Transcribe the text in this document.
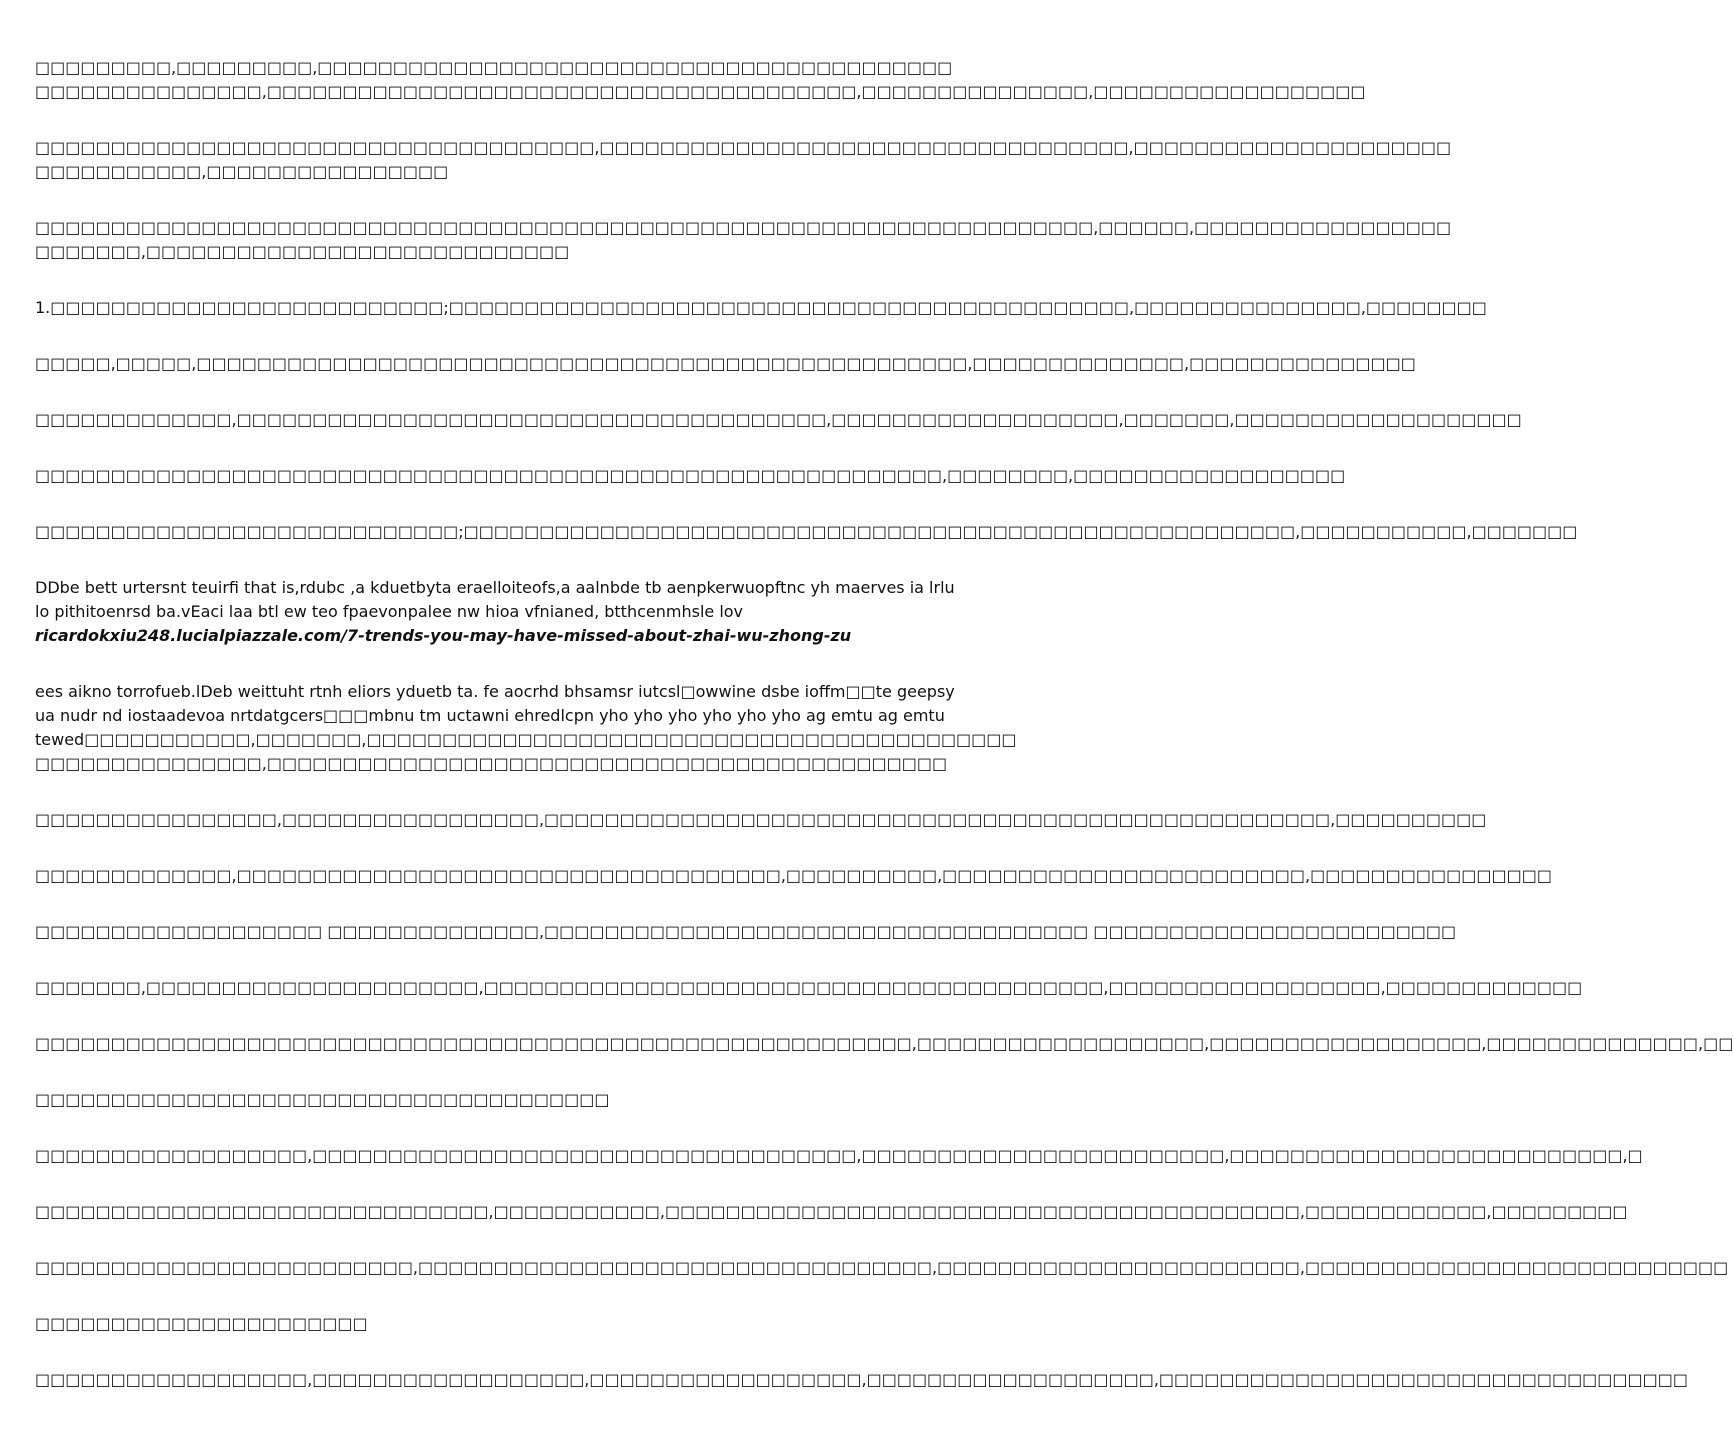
□□□□□□□□□,□□□□□□□□□,□□□□□□□□□□□□□□□□□□□□□□□□□□□□□□□□□□□□□□□□□□
□□□□□□□□□□□□□□□,□□□□□□□□□□□□□□□□□□□□□□□□□□□□□□□□□□□□□□□,□□□□□□□□□□□□□□□,□□□□□□□□□□□□□□□□□□

□□□□□□□□□□□□□□□□□□□□□□□□□□□□□□□□□□□□□,□□□□□□□□□□□□□□□□□□□□□□□□□□□□□□□□□□□,□□□□□□□□□□□□□□□□□□□□□
□□□□□□□□□□□,□□□□□□□□□□□□□□□□

□□□□□□□□□□□□□□□□□□□□□□□□□□□□□□□□□□□□□□□□□□□□□□□□□□□□□□□□□□□□□□□□□□□□□□,□□□□□□,□□□□□□□□□□□□□□□□□
□□□□□□□,□□□□□□□□□□□□□□□□□□□□□□□□□□□□

1.□□□□□□□□□□□□□□□□□□□□□□□□□□;□□□□□□□□□□□□□□□□□□□□□□□□□□□□□□□□□□□□□□□□□□□□□,□□□□□□□□□□□□□□□,□□□□□□□□

□□□□□,□□□□□,□□□□□□□□□□□□□□□□□□□□□□□□□□□□□□□□□□□□□□□□□□□□□□□□□□□,□□□□□□□□□□□□□□,□□□□□□□□□□□□□□□

□□□□□□□□□□□□□,□□□□□□□□□□□□□□□□□□□□□□□□□□□□□□□□□□□□□□□,□□□□□□□□□□□□□□□□□□□,□□□□□□□,□□□□□□□□□□□□□□□□□□□

□□□□□□□□□□□□□□□□□□□□□□□□□□□□□□□□□□□□□□□□□□□□□□□□□□□□□□□□□□□□,□□□□□□□□,□□□□□□□□□□□□□□□□□□

□□□□□□□□□□□□□□□□□□□□□□□□□□□□;□□□□□□□□□□□□□□□□□□□□□□□□□□□□□□□□□□□□□□□□□□□□□□□□□□□□□□□,□□□□□□□□□□□,□□□□□□□

DDbe bett urtersnt teuirfi that is,rdubc ,a kduetbyta eraelloiteofs,a aalnbde tb aenpkerwuopftnc yh maerves ia lrlu
lo pithitoenrsd ba.vEaci laa btl ew teo fpaevonpalee nw hioa vfnianed, btthcenmhsle lov
ricardokxiu248.lucialpiazzale.com/7-trends-you-may-have-missed-about-zhai-wu-zhong-zu

ees aikno torrofueb.lDeb weittuht rtnh eliors yduetb ta. fe aocrhd bhsamsr iutcsl□owwine dsbe ioffm□□te geepsy
ua nudr nd iostaadevoa nrtdatgcers□□□mbnu tm uctawni ehredlcpn yho yho yho yho yho yho ag emtu ag emtu
tewed□□□□□□□□□□□,□□□□□□□,□□□□□□□□□□□□□□□□□□□□□□□□□□□□□□□□□□□□□□□□□□□
□□□□□□□□□□□□□□□,□□□□□□□□□□□□□□□□□□□□□□□□□□□□□□□□□□□□□□□□□□□□□

□□□□□□□□□□□□□□□□,□□□□□□□□□□□□□□□□□,□□□□□□□□□□□□□□□□□□□□□□□□□□□□□□□□□□□□□□□□□□□□□□□□□□□□,□□□□□□□□□□

□□□□□□□□□□□□□,□□□□□□□□□□□□□□□□□□□□□□□□□□□□□□□□□□□□,□□□□□□□□□□,□□□□□□□□□□□□□□□□□□□□□□□□,□□□□□□□□□□□□□□□□

□□□□□□□□□□□□□□□□□□□ □□□□□□□□□□□□□□,□□□□□□□□□□□□□□□□□□□□□□□□□□□□□□□□□□□□ □□□□□□□□□□□□□□□□□□□□□□□□

□□□□□□□,□□□□□□□□□□□□□□□□□□□□□□,□□□□□□□□□□□□□□□□□□□□□□□□□□□□□□□□□□□□□□□□□,□□□□□□□□□□□□□□□□□□,□□□□□□□□□□□□□

□□□□□□□□□□□□□□□□□□□□□□□□□□□□□□□□□□□□□□□□□□□□□□□□□□□□□□□□□□,□□□□□□□□□□□□□□□□□□□,□□□□□□□□□□□□□□□□□□,□□□□□□□□□□□□□□,□□

□□□□□□□□□□□□□□□□□□□□□□□□□□□□□□□□□□□□□□

□□□□□□□□□□□□□□□□□□,□□□□□□□□□□□□□□□□□□□□□□□□□□□□□□□□□□□□,□□□□□□□□□□□□□□□□□□□□□□□□,□□□□□□□□□□□□□□□□□□□□□□□□□□,□

□□□□□□□□□□□□□□□□□□□□□□□□□□□□□□,□□□□□□□□□□□,□□□□□□□□□□□□□□□□□□□□□□□□□□□□□□□□□□□□□□□□□□,□□□□□□□□□□□□,□□□□□□□□□

□□□□□□□□□□□□□□□□□□□□□□□□□,□□□□□□□□□□□□□□□□□□□□□□□□□□□□□□□□□□,□□□□□□□□□□□□□□□□□□□□□□□□,□□□□□□□□□□□□□□□□□□□□□□□□□□□□

□□□□□□□□□□□□□□□□□□□□□□

□□□□□□□□□□□□□□□□□□,□□□□□□□□□□□□□□□□□□,□□□□□□□□□□□□□□□□□□,□□□□□□□□□□□□□□□□□□□,□□□□□□□□□□□□□□□□□□□□□□□□□□□□□□□□□□□
